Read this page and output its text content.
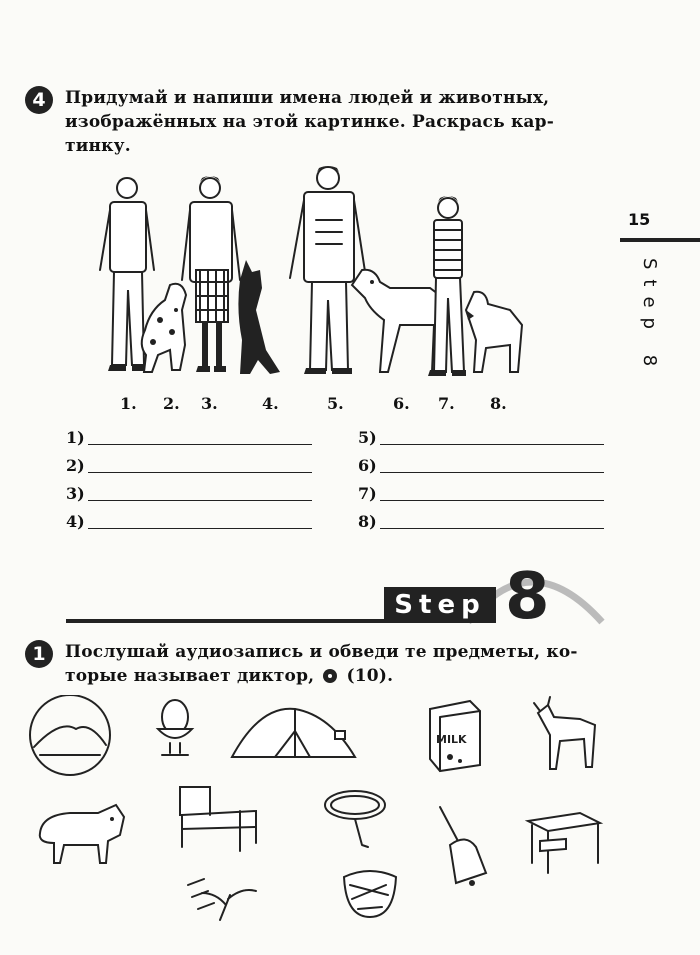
15
Step 8
4	Придумай и напиши имена людей и животных,
изображённых на этой картинке. Раскрась кар-
тинку.
1. 2. 3.	4.	5.	6. 7. 8.
1)
2)
3)
4)
5)
6)
7)
8)
Step 8
1	Послушай аудиозапись и обведи те предметы, ко-
торые называет диктор, (10).
MILK
